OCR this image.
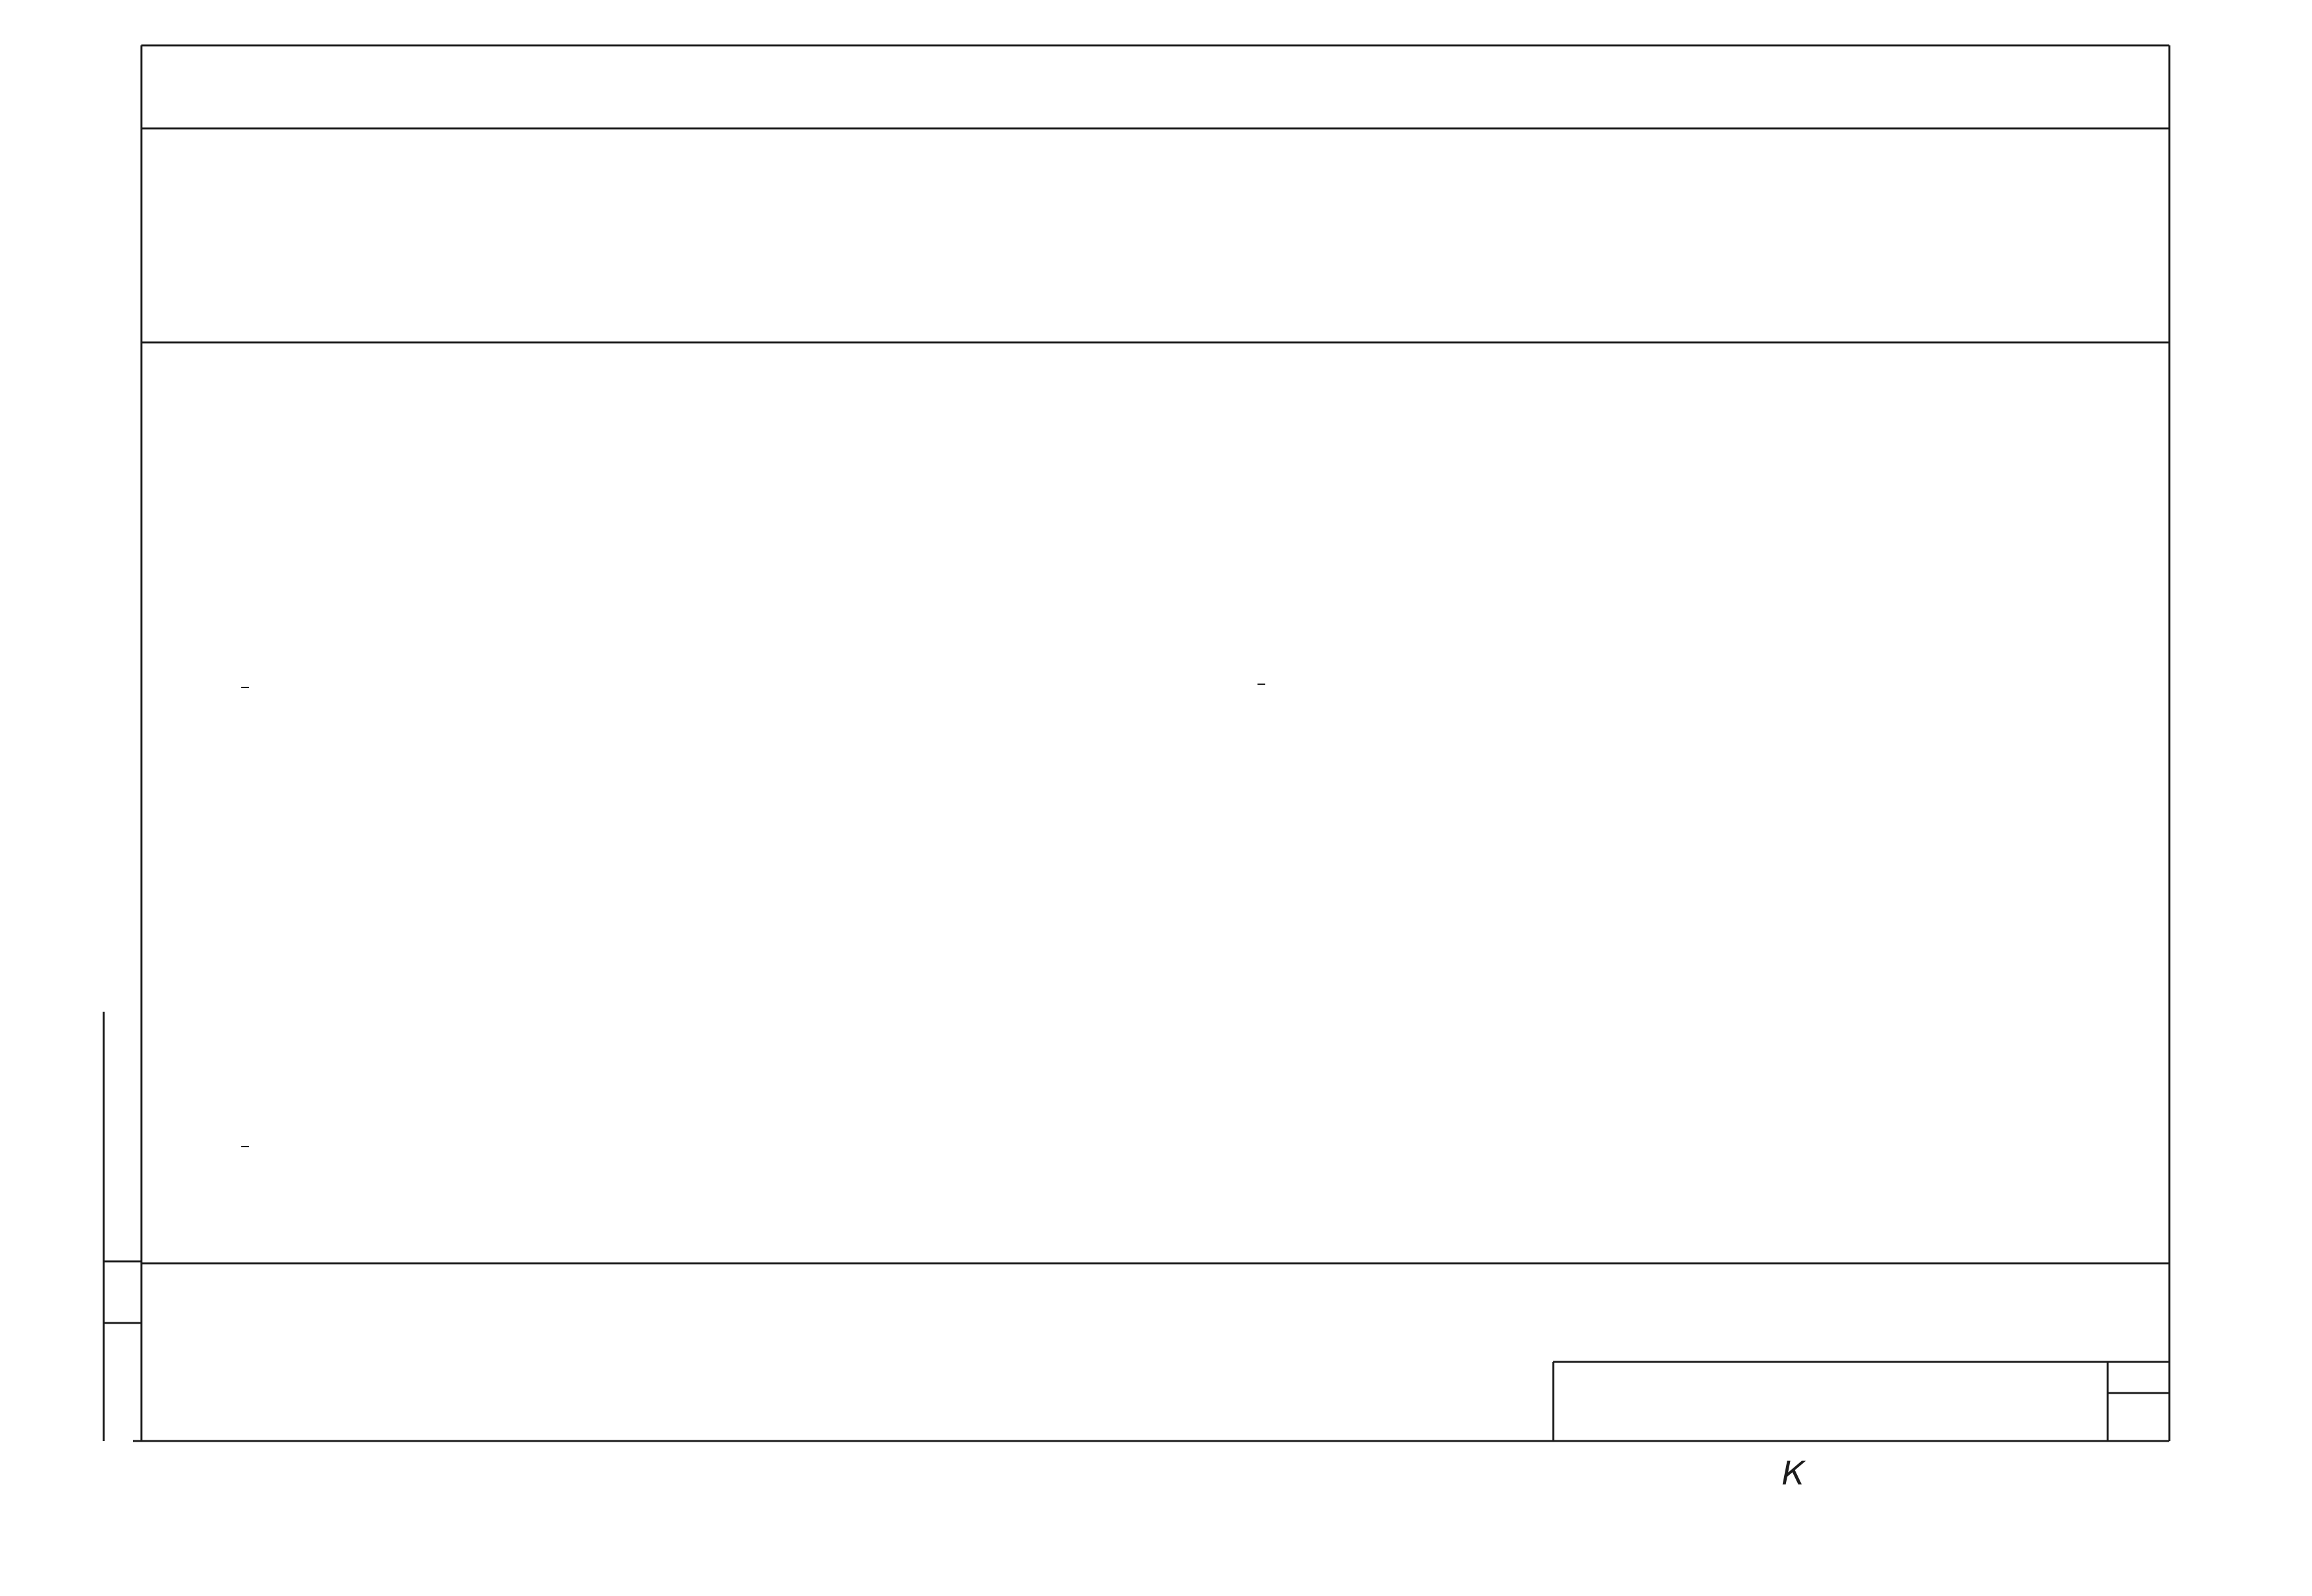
К
